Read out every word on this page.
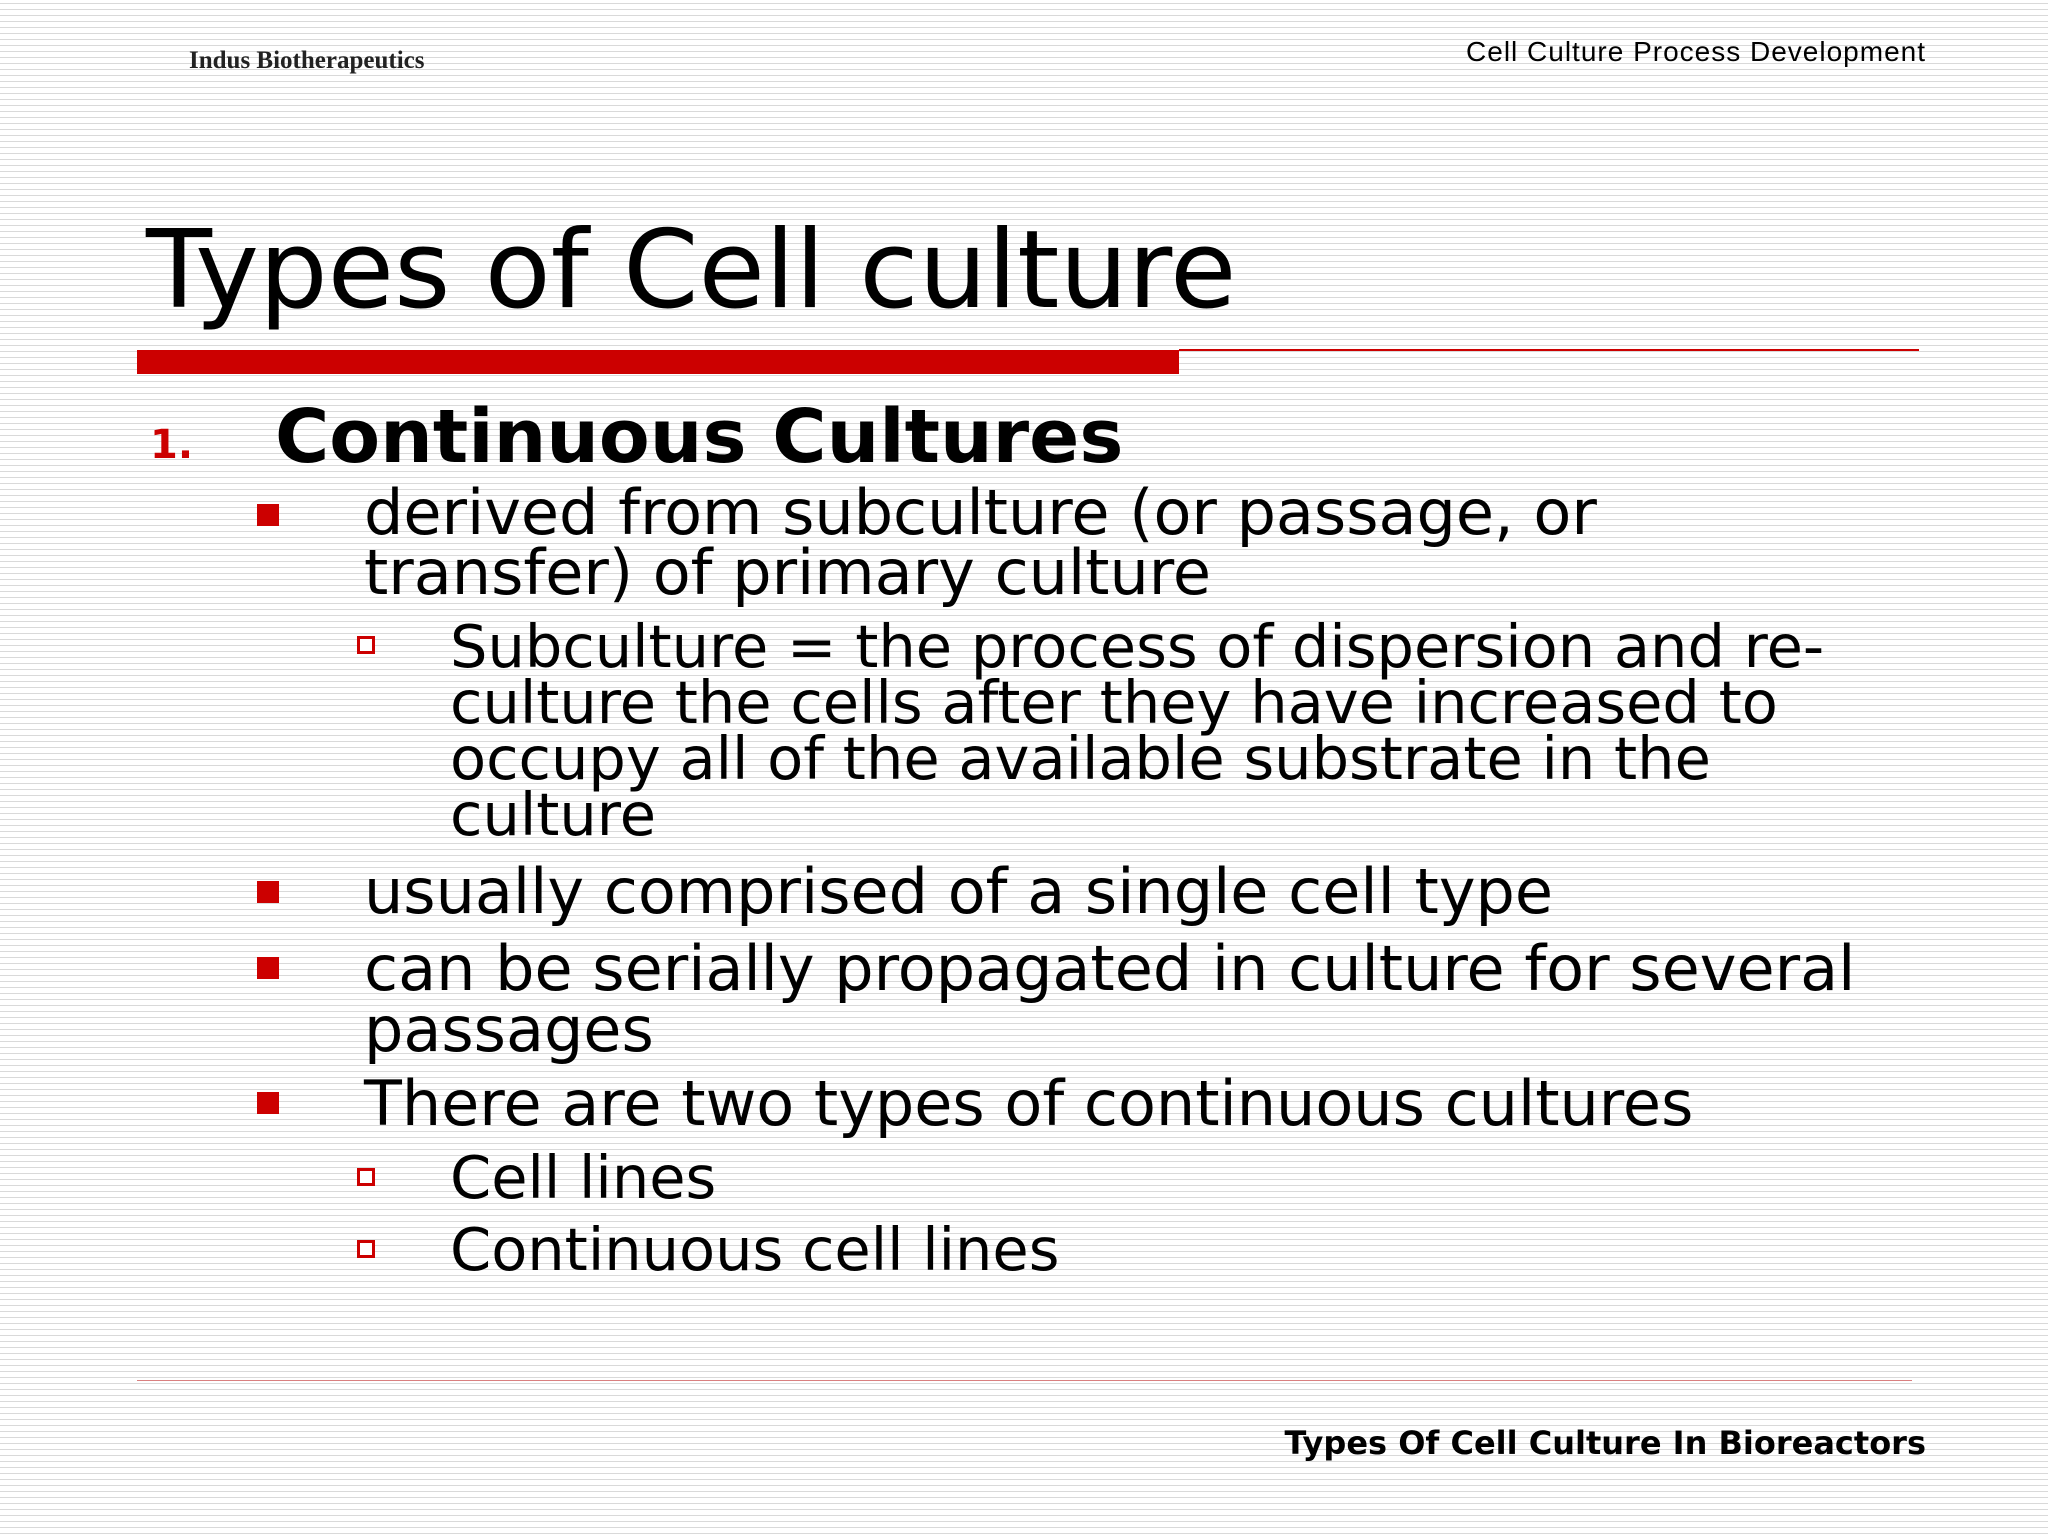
Indus Biotherapeutics	Cell Culture Process Development
Types of Cell culture
1. Continuous Cultures
derived from subculture (or passage, or
transfer) of primary culture
Subculture = the process of dispersion and re-
culture the cells after they have increased to
occupy all of the available substrate in the
culture
usually comprised of a single cell type
can be serially propagated in culture for several
passages
There are two types of continuous cultures
Cell lines
Continuous cell lines
Types Of Cell Culture In Bioreactors
